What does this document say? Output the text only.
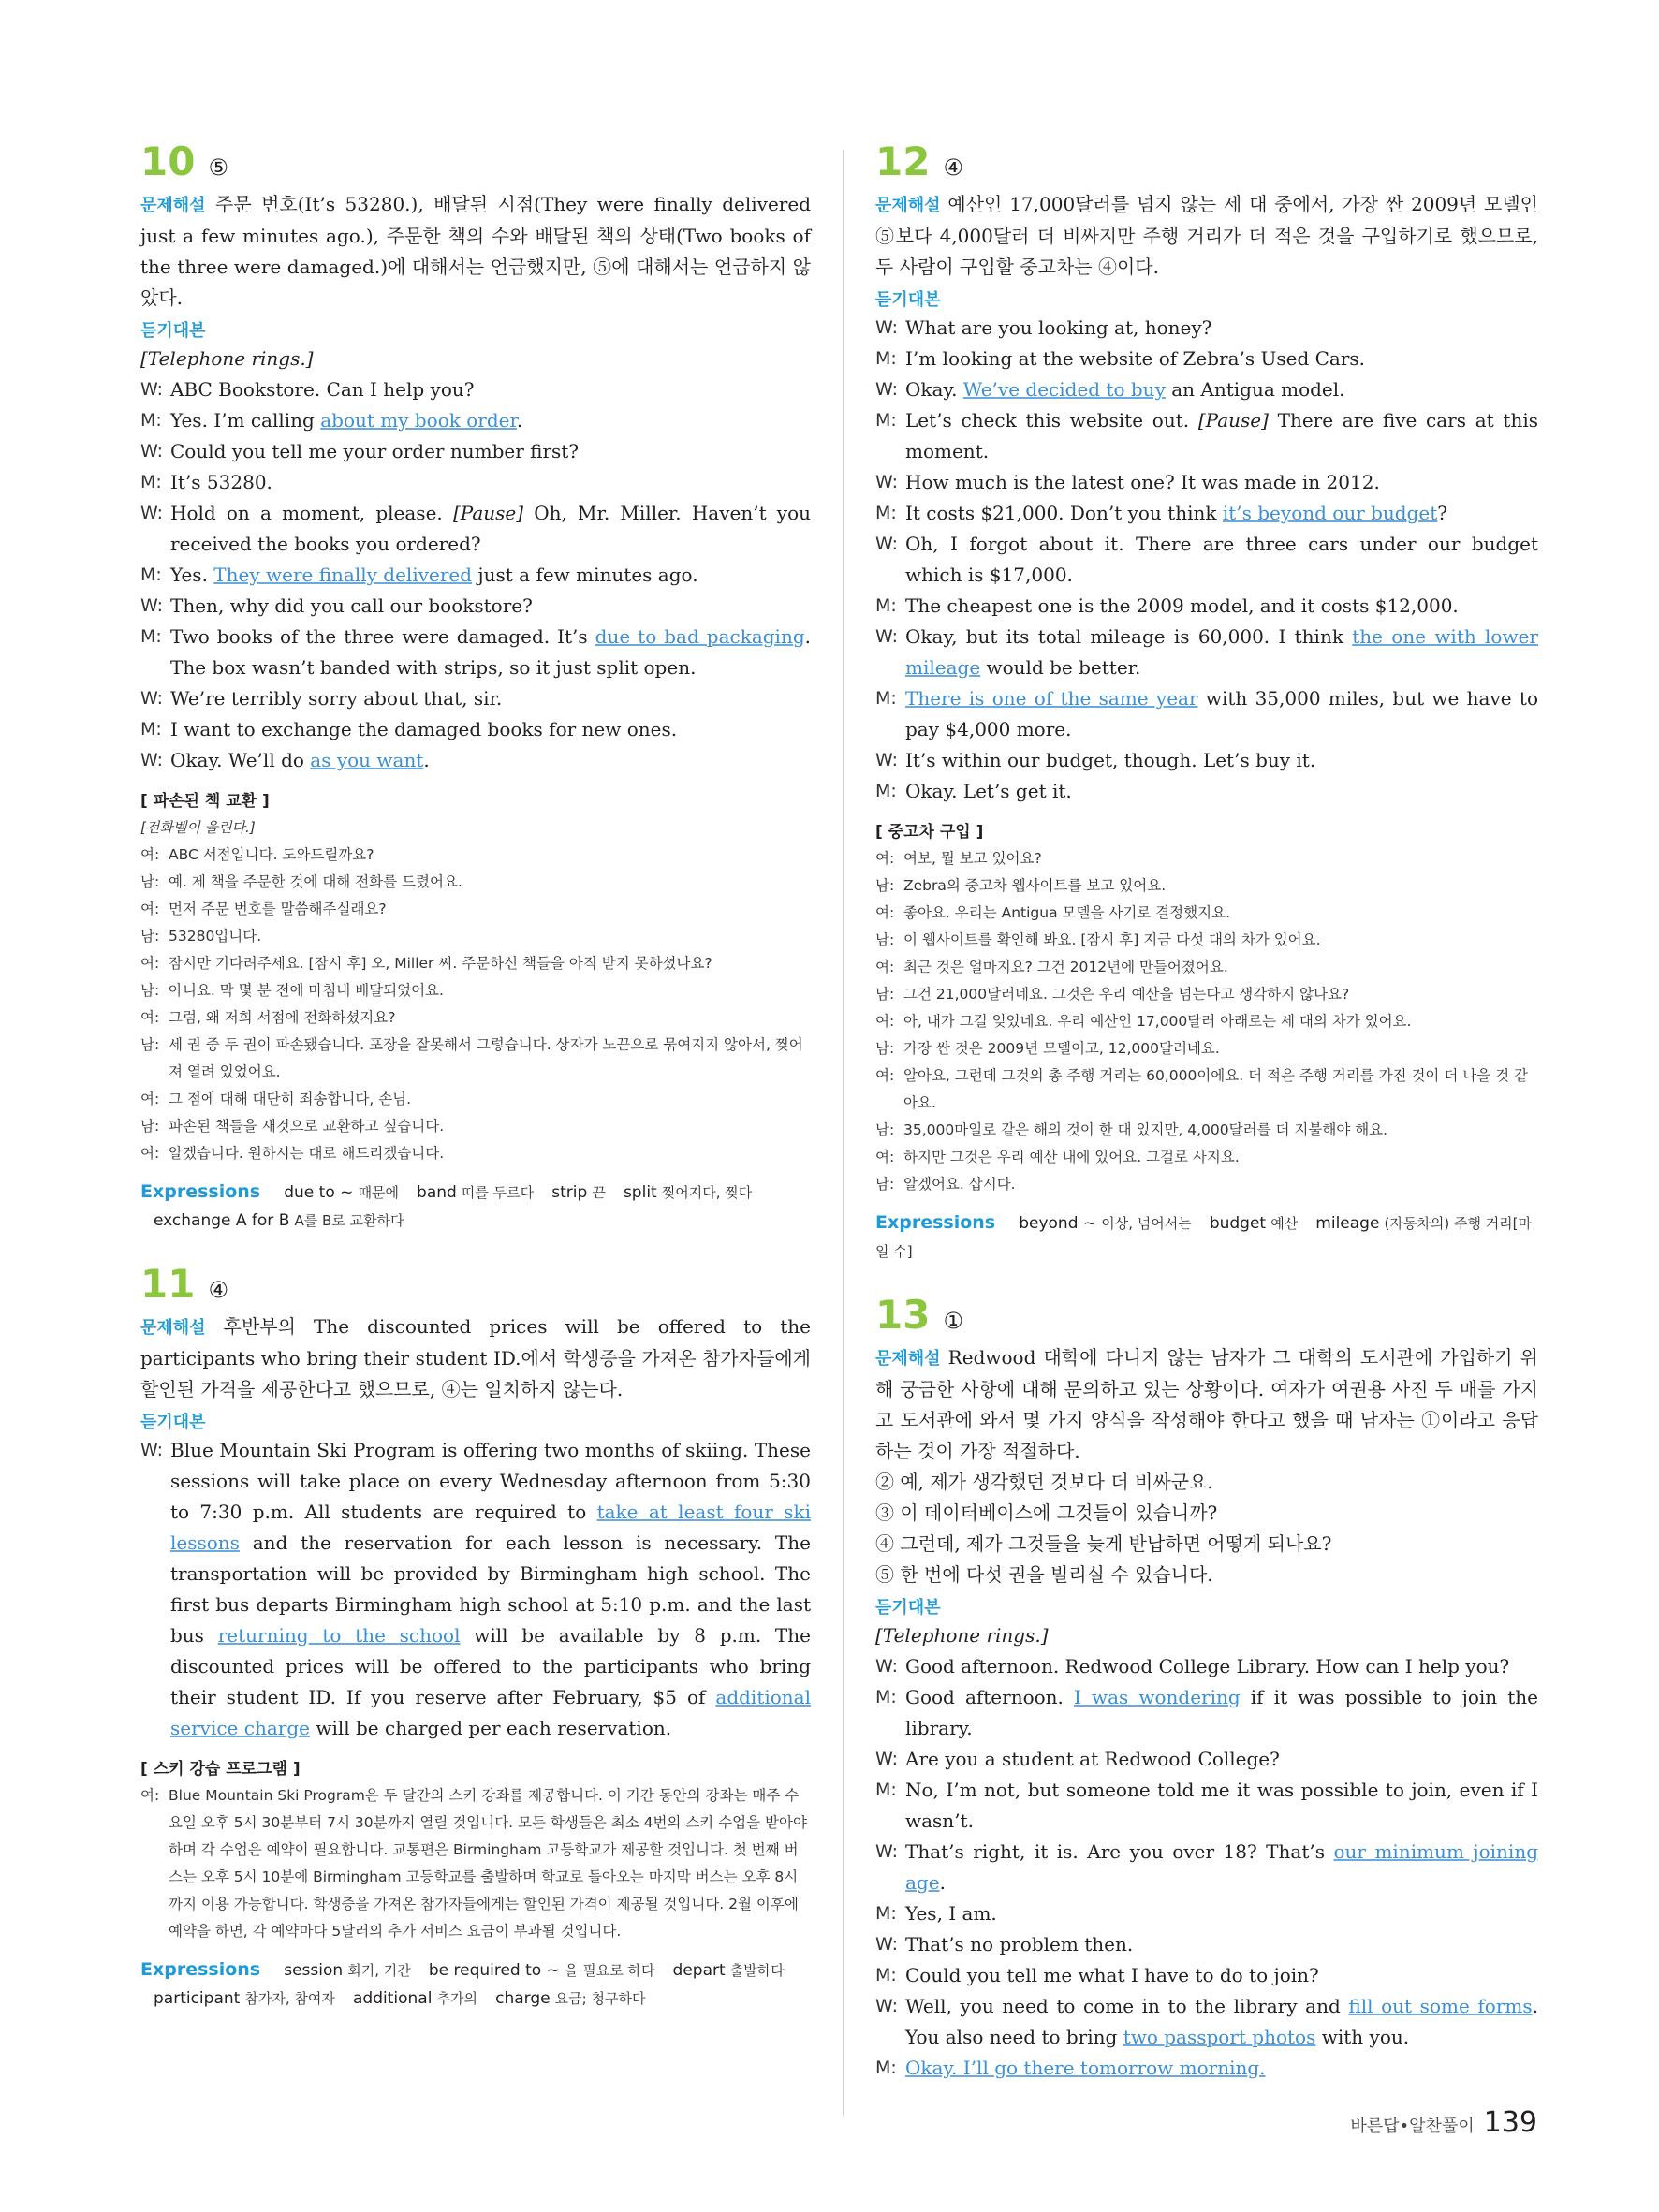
10 ⑤

문제해설 주문 번호(It’s 53280.), 배달된 시점(They were finally delivered just a few minutes ago.), 주문한 책의 수와 배달된 책의 상태(Two books of the three were damaged.)에 대해서는 언급했지만, ⑤에 대해서는 언급하지 않았다.

듣기대본

[Telephone rings.]

W: ABC Bookstore. Can I help you?

M: Yes. I’m calling about my book order.

W: Could you tell me your order number first?

M: It’s 53280.

W: Hold on a moment, please. [Pause] Oh, Mr. Miller. Haven’t you received the books you ordered?

M: Yes. They were finally delivered just a few minutes ago.

W: Then, why did you call our bookstore?

M: Two books of the three were damaged. It’s due to bad packaging. The box wasn’t banded with strips, so it just split open.

W: We’re terribly sorry about that, sir.

M: I want to exchange the damaged books for new ones.

W: Okay. We’ll do as you want.

[ 파손된 책 교환 ]

[전화벨이 울린다.]

여: ABC 서점입니다. 도와드릴까요?

남: 예. 제 책을 주문한 것에 대해 전화를 드렸어요.

여: 먼저 주문 번호를 말씀해주실래요?

남: 53280입니다.

여: 잠시만 기다려주세요. [잠시 후] 오, Miller 씨. 주문하신 책들을 아직 받지 못하셨나요?

남: 아니요. 막 몇 분 전에 마침내 배달되었어요.

여: 그럼, 왜 저희 서점에 전화하셨지요?

남: 세 권 중 두 권이 파손됐습니다. 포장을 잘못해서 그렇습니다. 상자가 노끈으로 묶여지지 않아서, 찢어져 열려 있었어요.

여: 그 점에 대해 대단히 죄송합니다, 손님.

남: 파손된 책들을 새것으로 교환하고 싶습니다.

여: 알겠습니다. 원하시는 대로 해드리겠습니다.

Expressions due to ~ 때문에 band 띠를 두르다 strip 끈 split 찢어지다, 찢다 exchange A for B A를 B로 교환하다
11 ④

문제해설 후반부의 The discounted prices will be offered to the participants who bring their student ID.에서 학생증을 가져온 참가자들에게 할인된 가격을 제공한다고 했으므로, ④는 일치하지 않는다.

듣기대본

W: Blue Mountain Ski Program is offering two months of skiing. These sessions will take place on every Wednesday afternoon from 5:30 to 7:30 p.m. All students are required to take at least four ski lessons and the reservation for each lesson is necessary. The transportation will be provided by Birmingham high school. The first bus departs Birmingham high school at 5:10 p.m. and the last bus returning to the school will be available by 8 p.m. The discounted prices will be offered to the participants who bring their student ID. If you reserve after February, $5 of additional service charge will be charged per each reservation.

[ 스키 강습 프로그램 ]

여: Blue Mountain Ski Program은 두 달간의 스키 강좌를 제공합니다. 이 기간 동안의 강좌는 매주 수요일 오후 5시 30분부터 7시 30분까지 열릴 것입니다. 모든 학생들은 최소 4번의 스키 수업을 받아야 하며 각 수업은 예약이 필요합니다. 교통편은 Birmingham 고등학교가 제공할 것입니다. 첫 번째 버스는 오후 5시 10분에 Birmingham 고등학교를 출발하며 학교로 돌아오는 마지막 버스는 오후 8시까지 이용 가능합니다. 학생증을 가져온 참가자들에게는 할인된 가격이 제공될 것입니다. 2월 이후에 예약을 하면, 각 예약마다 5달러의 추가 서비스 요금이 부과될 것입니다.

Expressions session 회기, 기간 be required to ~ 을 필요로 하다 depart 출발하다 participant 참가자, 참여자 additional 추가의 charge 요금; 청구하다
12 ④

문제해설 예산인 17,000달러를 넘지 않는 세 대 중에서, 가장 싼 2009년 모델인 ⑤보다 4,000달러 더 비싸지만 주행 거리가 더 적은 것을 구입하기로 했으므로, 두 사람이 구입할 중고차는 ④이다.

듣기대본

W: What are you looking at, honey?

M: I’m looking at the website of Zebra’s Used Cars.

W: Okay. We’ve decided to buy an Antigua model.

M: Let’s check this website out. [Pause] There are five cars at this moment.

W: How much is the latest one? It was made in 2012.

M: It costs $21,000. Don’t you think it’s beyond our budget?

W: Oh, I forgot about it. There are three cars under our budget which is $17,000.

M: The cheapest one is the 2009 model, and it costs $12,000.

W: Okay, but its total mileage is 60,000. I think the one with lower mileage would be better.

M: There is one of the same year with 35,000 miles, but we have to pay $4,000 more.

W: It’s within our budget, though. Let’s buy it.

M: Okay. Let’s get it.

[ 중고차 구입 ]

여: 여보, 뭘 보고 있어요?

남: Zebra의 중고차 웹사이트를 보고 있어요.

여: 좋아요. 우리는 Antigua 모델을 사기로 결정했지요.

남: 이 웹사이트를 확인해 봐요. [잠시 후] 지금 다섯 대의 차가 있어요.

여: 최근 것은 얼마지요? 그건 2012년에 만들어졌어요.

남: 그건 21,000달러네요. 그것은 우리 예산을 넘는다고 생각하지 않나요?

여: 아, 내가 그걸 잊었네요. 우리 예산인 17,000달러 아래로는 세 대의 차가 있어요.

남: 가장 싼 것은 2009년 모델이고, 12,000달러네요.

여: 알아요, 그런데 그것의 총 주행 거리는 60,000이에요. 더 적은 주행 거리를 가진 것이 더 나을 것 같아요.

남: 35,000마일로 같은 해의 것이 한 대 있지만, 4,000달러를 더 지불해야 해요.

여: 하지만 그것은 우리 예산 내에 있어요. 그걸로 사지요.

남: 알겠어요. 삽시다.

Expressions beyond ~ 이상, 넘어서는 budget 예산 mileage (자동차의) 주행 거리[마일 수]
13 ①

문제해설 Redwood 대학에 다니지 않는 남자가 그 대학의 도서관에 가입하기 위해 궁금한 사항에 대해 문의하고 있는 상황이다. 여자가 여권용 사진 두 매를 가지고 도서관에 와서 몇 가지 양식을 작성해야 한다고 했을 때 남자는 ①이라고 응답하는 것이 가장 적절하다.

② 예, 제가 생각했던 것보다 더 비싸군요.

③ 이 데이터베이스에 그것들이 있습니까?

④ 그런데, 제가 그것들을 늦게 반납하면 어떻게 되나요?

⑤ 한 번에 다섯 권을 빌리실 수 있습니다.

듣기대본

[Telephone rings.]

W: Good afternoon. Redwood College Library. How can I help you?

M: Good afternoon. I was wondering if it was possible to join the library.

W: Are you a student at Redwood College?

M: No, I’m not, but someone told me it was possible to join, even if I wasn’t.

W: That’s right, it is. Are you over 18? That’s our minimum joining age.

M: Yes, I am.

W: That’s no problem then.

M: Could you tell me what I have to do to join?

W: Well, you need to come in to the library and fill out some forms. You also need to bring two passport photos with you.

M: Okay. I’ll go there tomorrow morning.

바른답•알찬풀이 139
